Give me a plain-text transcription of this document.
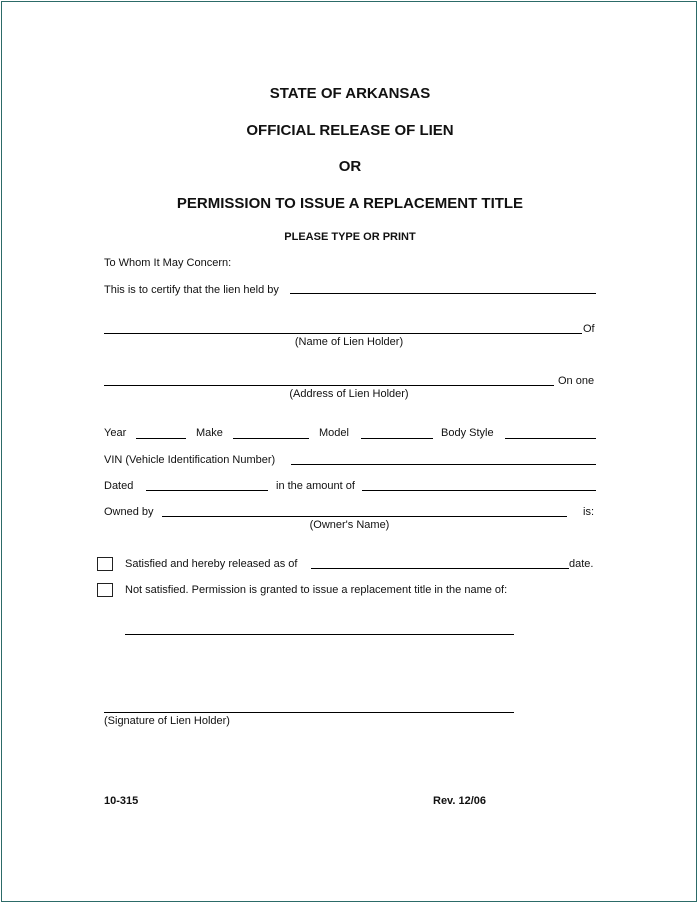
STATE OF ARKANSAS
OFFICIAL RELEASE OF LIEN
OR
PERMISSION TO ISSUE A REPLACEMENT TITLE
PLEASE TYPE OR PRINT
To Whom It May Concern:
This is to certify that the lien held by
Of
(Name of Lien Holder)
On one
(Address of Lien Holder)
Year	Make	Model	Body Style
VIN (Vehicle Identification Number)
Dated	in the amount of
Owned by	is:
(Owner's Name)
Satisfied and hereby released as of	date.
Not satisfied. Permission is granted to issue a replacement title in the name of:
(Signature of Lien Holder)
10-315	Rev. 12/06
